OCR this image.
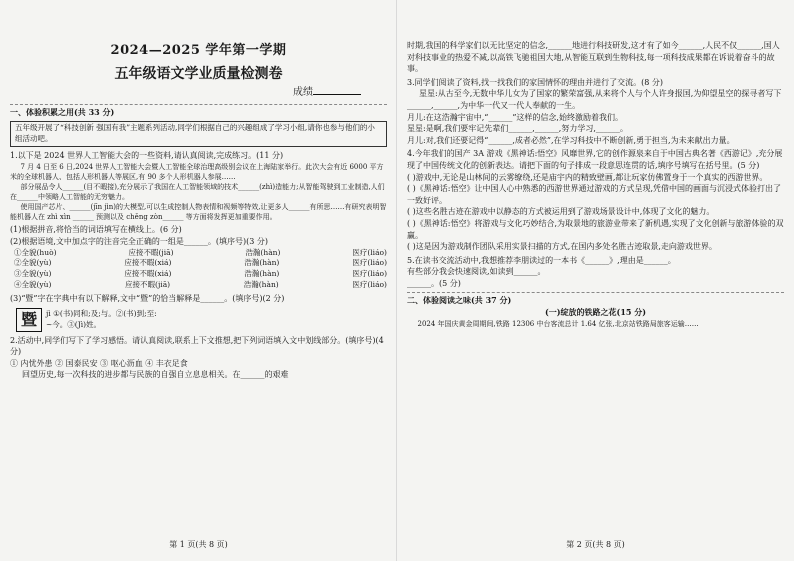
2024—2025 学年第一学期
五年级语文学业质量检测卷
成绩
一、体验积累之用(共 33 分)
五年级开展了“科技创新 强国有我”主题系列活动,同学们根据自己的兴趣组成了学习小组,请你也参与他们的小组活动吧。

1.以下是 2024 世界人工智能大会的一些资料,请认真阅读,完成练习。(11 分)

7 月 4 日至 6 日,2024 世界人工智能大会暨人工智能全球治理高级别会议在上海陆家举行。此次大会有近 6000 平方米的全球机器人、包括人形机器人等展区,有 90 多个人形机器人参展……

部分展品令人______(目不暇接),充分展示了我国在人工智能领域的技术______(zhì)造能力;从智能驾驶到工业制造,人们在______中领略人工智能的无穷魅力。

使用国产芯片、______(jīn jìn)的大模型,可以生成控制人物表情和视频等特效,让更多人______有所思……有研究表明智能机器人在 zhì xìn ______ 预测以及 chěng zòn______ 等方面将发挥更加重要作用。

(1)根据拼音,将恰当的词语填写在横线上。(6 分)

(2)根据语境,文中加点字的注音完全正确的一组是______。(填序号)(3 分)

①全貌(huò)	应接不暇(jiā)	浩瀚(hàn)	医疗(liáo)
②全貌(yù)	应接不暇(xiá)	浩瀚(hàn)	医疗(liáo)
③全貌(yù)	应接不暇(xiá)	浩瀚(hàn)	医疗(liáo)
④全貌(yù)	应接不暇(jiā)	浩瀚(hàn)	医疗(liáo)

(3)“暨”字在字典中有以下解释,文中“暨”的恰当解释是______。(填序号)(2 分)

暨	jì ①(书)同和;及;与。②(书)到;至:
~今。③(Jì)姓。

2.活动中,同学们写下了学习感悟。请认真阅读,联系上下文推想,把下列词语填入文中划线部分。(填序号)(4 分)

① 内忧外患 ② 国泰民安 ③ 呕心沥血 ④ 丰衣足食

回望历史,每一次科技的进步都与民族的自强自立息息相关。在______的艰难

第 1 页(共 8 页)

时期,我国的科学家们以无比坚定的信念,______地进行科技研发,这才有了如今______,人民不仅______,国人对科技事业的热爱不减,以高铁飞驰祖国大地,从智能互联到生物科技,每一项科技成果都在诉说着奋斗的故事。

3.同学们阅读了资料,找一找我们的家国情怀的理由并进行了交流。(8 分)

星星:从古至今,无数中华儿女为了国家的繁荣富强,从来将个人与个人许身报国,为仰望星空的探寻者写下______,______,为中华一代又一代人奉献的一生。

月儿:在这浩瀚宇宙中,“______”这样的信念,始终激励着我们。

星星:是啊,我们要牢记先辈们______,______,努力学习,______。

月儿:对,我们还要记得“______,成者必然”,在学习科技中不断创新,勇于担当,为未来献出力量。

4.今年我们的国产 3A 游戏《黑神话:悟空》风靡世界,它的创作源泉来自于中国古典名著《西游记》,充分展现了中国传统文化的创新表达。请把下面的句子排成一段意思连贯的话,填序号填写在括号里。(5 分)

( )游戏中,无论是山林间的云雾缭绕,还是庙宇内的精致壁画,都让玩家仿佛置身于一个真实的西游世界。

( )《黑神话:悟空》让中国人心中熟悉的西游世界通过游戏的方式呈现,凭借中国的画面与沉浸式体验打出了一致好评。

( )这些名胜古迹在游戏中以静态的方式被运用到了游戏场景设计中,体现了文化的魅力。

( )《黑神话:悟空》将游戏与文化巧妙结合,为取景地的旅游业带来了新机遇,实现了文化创新与旅游体验的双赢。

( )这是因为游戏制作团队采用实景扫描的方式,在国内多处名胜古迹取景,走向游戏世界。

5.在读书交流活动中,我想推荐李朋读过的一本书《______》,理由是______。

有些部分我会快速阅读,如读到______。

______。(5 分)

二、体验阅读之味(共 37 分)

(一)绽放的铁路之花(15 分)

2024 年国庆黄金周期间,铁路 12306 中台客流总计 1.64 亿张,北京站铁路局旅客运输……

第 2 页(共 8 页)
